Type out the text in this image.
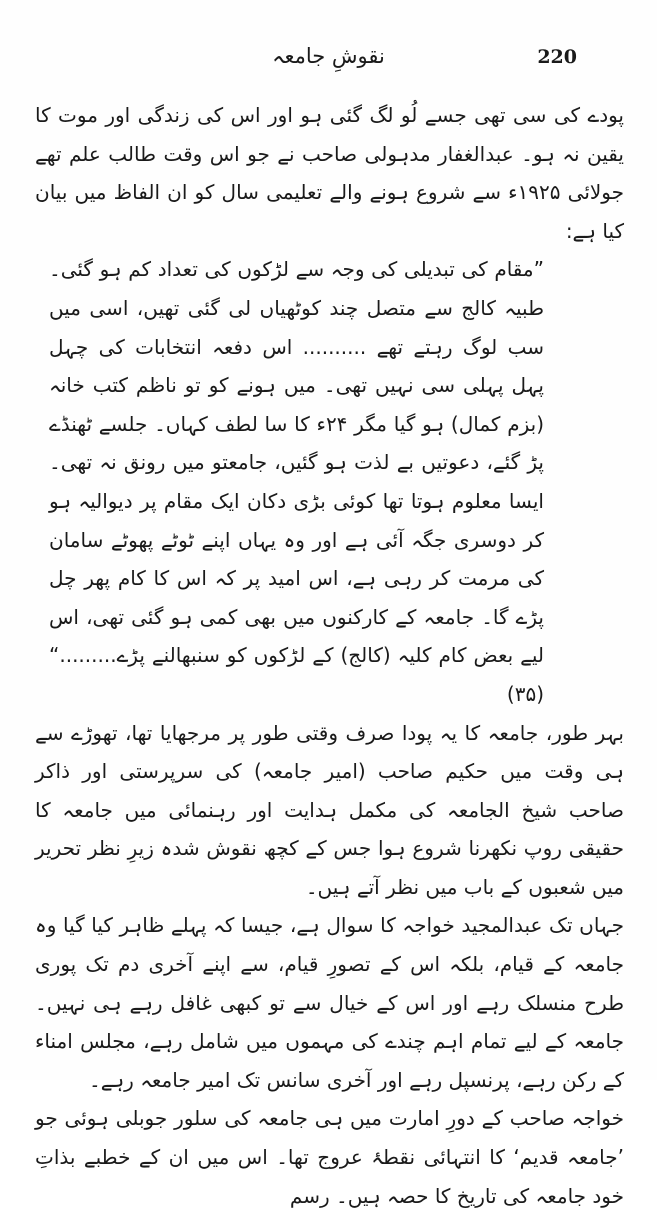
نقوشِ جامعہ	220

پودے کی سی تھی جسے لُو لگ گئی ہو اور اس کی زندگی اور موت کا یقین نہ ہو۔ عبدالغفار مدہولی صاحب نے جو اس وقت طالب علم تھے جولائی ۱۹۲۵ء سے شروع ہونے والے تعلیمی سال کو ان الفاظ میں بیان کیا ہے:

”مقام کی تبدیلی کی وجہ سے لڑکوں کی تعداد کم ہو گئی۔ طبیہ کالج سے متصل چند کوٹھیاں لی گئی تھیں، اسی میں سب لوگ رہتے تھے .......... اس دفعہ انتخابات کی چہل پہل پہلی سی نہیں تھی۔ میں ہونے کو تو ناظم کتب خانہ (بزم کمال) ہو گیا مگر ۲۴ء کا سا لطف کہاں۔ جلسے ٹھنڈے پڑ گئے، دعوتیں بے لذت ہو گئیں، جامعتو میں رونق نہ تھی۔ ایسا معلوم ہوتا تھا کوئی بڑی دکان ایک مقام پر دیوالیہ ہو کر دوسری جگہ آئی ہے اور وہ یہاں اپنے ٹوٹے پھوٹے سامان کی مرمت کر رہی ہے، اس امید پر کہ اس کا کام پھر چل پڑے گا۔ جامعہ کے کارکنوں میں بھی کمی ہو گئی تھی، اس لیے بعض کام کلیہ (کالج) کے لڑکوں کو سنبھالنے پڑے.........“ (۳۵)

بہر طور، جامعہ کا یہ پودا صرف وقتی طور پر مرجھایا تھا، تھوڑے سے ہی وقت میں حکیم صاحب (امیر جامعہ) کی سرپرستی اور ذاکر صاحب شیخ الجامعہ کی مکمل ہدایت اور رہنمائی میں جامعہ کا حقیقی روپ نکھرنا شروع ہوا جس کے کچھ نقوش شدہ زیرِ نظر تحریر میں شعبوں کے باب میں نظر آتے ہیں۔

جہاں تک عبدالمجید خواجہ کا سوال ہے، جیسا کہ پہلے ظاہر کیا گیا وہ جامعہ کے قیام، بلکہ اس کے تصورِ قیام، سے اپنے آخری دم تک پوری طرح منسلک رہے اور اس کے خیال سے تو کبھی غافل رہے ہی نہیں۔ جامعہ کے لیے تمام اہم چندے کی مہموں میں شامل رہے، مجلس امناء کے رکن رہے، پرنسپل رہے اور آخری سانس تک امیر جامعہ رہے۔

خواجہ صاحب کے دورِ امارت میں ہی جامعہ کی سلور جوبلی ہوئی جو ’جامعہ قدیم‘ کا انتہائی نقطۂ عروج تھا۔ اس میں ان کے خطبے بذاتِ خود جامعہ کی تاریخ کا حصہ ہیں۔ رسم
